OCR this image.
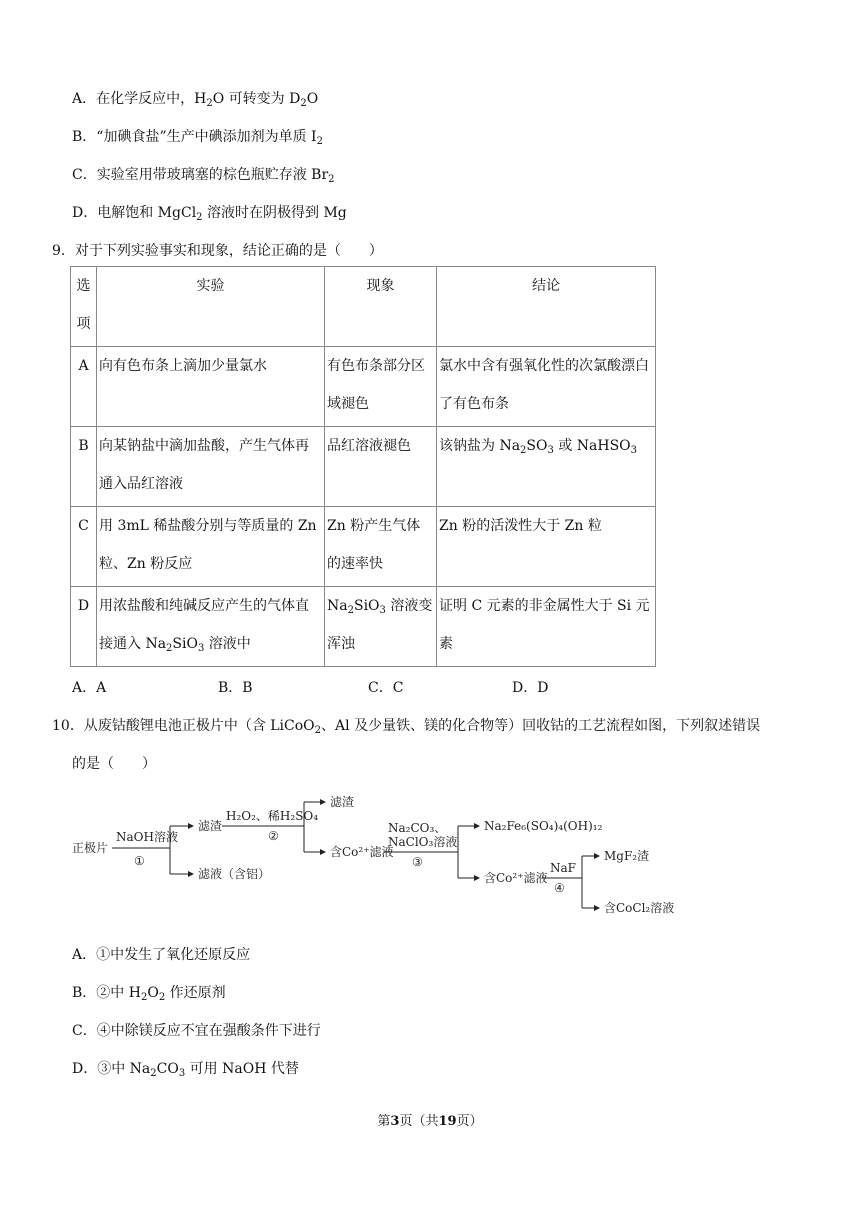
A．在化学反应中，$H_2O$ 可转变为 $D_2O$
B．“加碘食盐”生产中碘添加剂为单质 $I_2$
C．实验室用带玻璃塞的棕色瓶贮存液 $Br_2$
D．电解饱和 MgCl$_2$ 溶液时在阴极得到 Mg
9．对于下列实验事实和现象，结论正确的是（　　）
选项	实验	现象	结论
A	向有色布条上滴加少量氯水	有色布条部分区域褪色	氯水中含有强氧化性的次氯酸漂白了有色布条
B	向某钠盐中滴加盐酸，产生气体再通入品红溶液	品红溶液褪色	该钠盐为 $Na_2SO_3$ 或 NaHSO$_3$
C	用 3mL 稀盐酸分别与等质量的 Zn 粒、Zn 粉反应	Zn 粉产生气体的速率快	Zn 粉的活泼性大于 Zn 粒
D	用浓盐酸和纯碱反应产生的气体直接通入 $Na_2SiO_3$ 溶液中	$Na_2SiO_3$ 溶液变浑浊	证明 C 元素的非金属性大于 Si 元素
A．A	B．B	C．C	D．D
10．从废钴酸锂电池正极片中（含 LiCoO$_2$、Al 及少量铁、镁的化合物等）回收钴的工艺流程如图，下列叙述错误
的是（　　）
正极片
NaOH溶液
①
滤渣
滤液（含铝）
H₂O₂、稀H₂SO₄
②
滤渣
含Co²⁺滤液
Na₂CO₃、
NaClO₃溶液
③
Na₂Fe₆(SO₄)₄(OH)₁₂
含Co²⁺滤液
NaF
④
MgF₂渣
含CoCl₂溶液
A．①中发生了氧化还原反应
B．②中 $H_2O_2$ 作还原剂
C．④中除镁反应不宜在强酸条件下进行
D．③中 $Na_2CO_3$ 可用 NaOH 代替
第3页（共19页）
